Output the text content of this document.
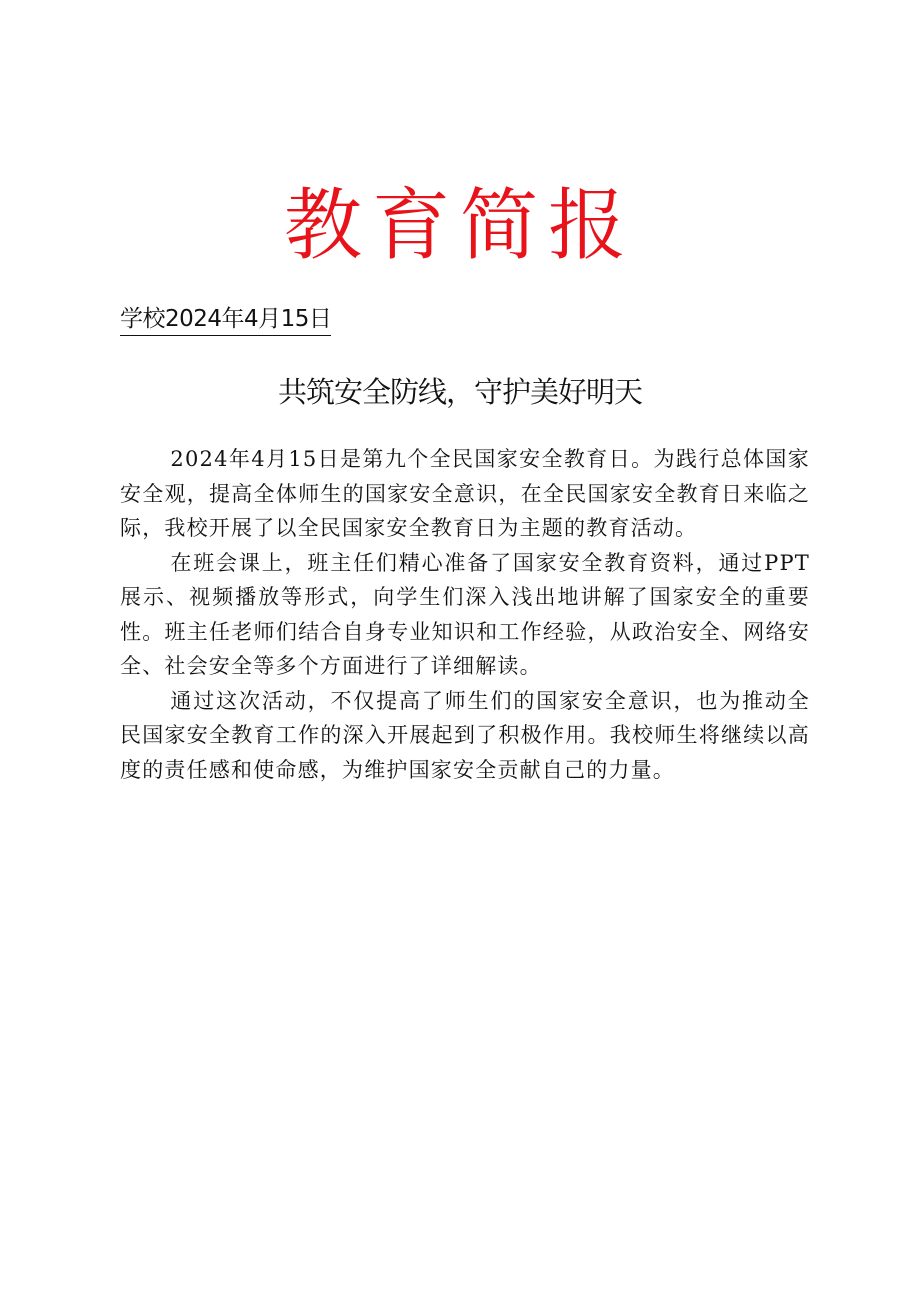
教育简报
学校2024年4月15日
共筑安全防线，守护美好明天

2024年4月15日是第九个全民国家安全教育日。为践行总体国家安全观，提高全体师生的国家安全意识，在全民国家安全教育日来临之际，我校开展了以全民国家安全教育日为主题的教育活动。

在班会课上，班主任们精心准备了国家安全教育资料，通过PPT展示、视频播放等形式，向学生们深入浅出地讲解了国家安全的重要性。班主任老师们结合自身专业知识和工作经验，从政治安全、网络安全、社会安全等多个方面进行了详细解读。

通过这次活动，不仅提高了师生们的国家安全意识，也为推动全民国家安全教育工作的深入开展起到了积极作用。我校师生将继续以高度的责任感和使命感，为维护国家安全贡献自己的力量。
